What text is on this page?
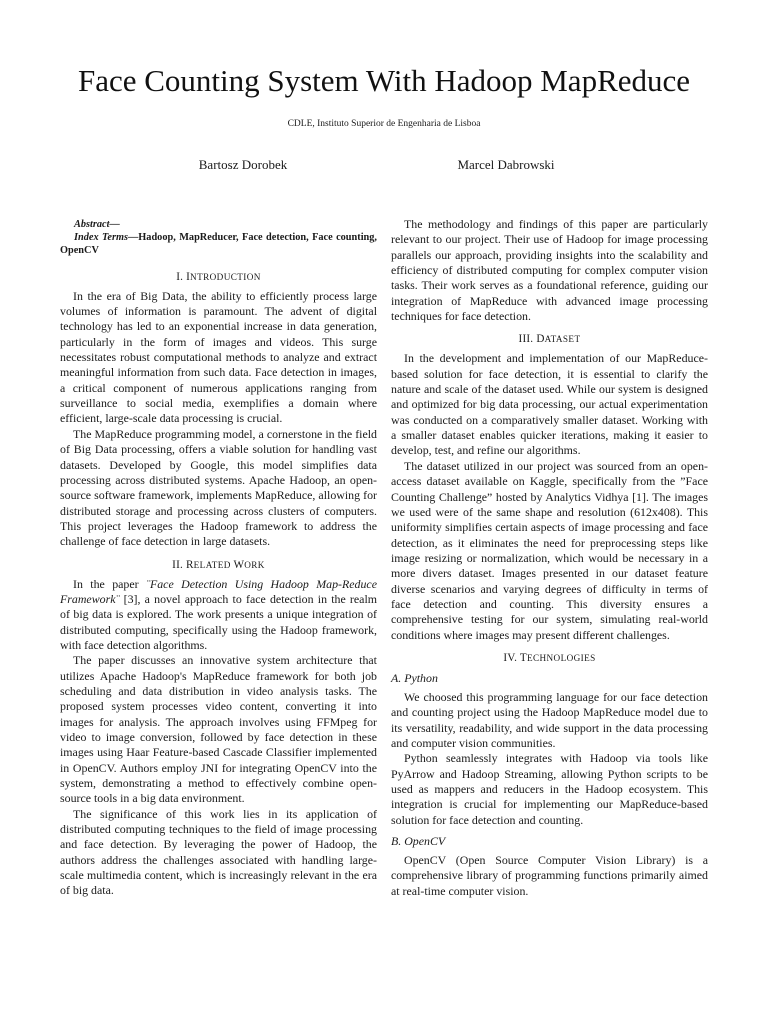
Face Counting System With Hadoop MapReduce
CDLE, Instituto Superior de Engenharia de Lisboa
Bartosz Dorobek	Marcel Dabrowski

Abstract—

Index Terms—Hadoop, MapReducer, Face detection, Face counting, OpenCV

I. INTRODUCTION

In the era of Big Data, the ability to efficiently process large volumes of information is paramount. The advent of digital technology has led to an exponential increase in data generation, particularly in the form of images and videos. This surge necessitates robust computational methods to analyze and extract meaningful information from such data. Face detection in images, a critical component of numerous applications ranging from surveillance to social media, exemplifies a domain where efficient, large-scale data processing is crucial.

The MapReduce programming model, a cornerstone in the field of Big Data processing, offers a viable solution for handling vast datasets. Developed by Google, this model simplifies data processing across distributed systems. Apache Hadoop, an open-source software framework, implements MapReduce, allowing for distributed storage and processing across clusters of computers. This project leverages the Hadoop framework to address the challenge of face detection in large datasets.

II. RELATED WORK

In the paper ¨Face Detection Using Hadoop Map-Reduce Framework¨ [3], a novel approach to face detection in the realm of big data is explored. The work presents a unique integration of distributed computing, specifically using the Hadoop framework, with face detection algorithms.

The paper discusses an innovative system architecture that utilizes Apache Hadoop's MapReduce framework for both job scheduling and data distribution in video analysis tasks. The proposed system processes video content, converting it into images for analysis. The approach involves using FFMpeg for video to image conversion, followed by face detection in these images using Haar Feature-based Cascade Classifier implemented in OpenCV. Authors employ JNI for integrating OpenCV into the system, demonstrating a method to effectively combine open-source tools in a big data environment.

The significance of this work lies in its application of distributed computing techniques to the field of image processing and face detection. By leveraging the power of Hadoop, the authors address the challenges associated with handling large-scale multimedia content, which is increasingly relevant in the era of big data.

The methodology and findings of this paper are particularly relevant to our project. Their use of Hadoop for image processing parallels our approach, providing insights into the scalability and efficiency of distributed computing for complex computer vision tasks. Their work serves as a foundational reference, guiding our integration of MapReduce with advanced image processing techniques for face detection.

III. DATASET

In the development and implementation of our MapReduce-based solution for face detection, it is essential to clarify the nature and scale of the dataset used. While our system is designed and optimized for big data processing, our actual experimentation was conducted on a comparatively smaller dataset. Working with a smaller dataset enables quicker iterations, making it easier to develop, test, and refine our algorithms.

The dataset utilized in our project was sourced from an open-access dataset available on Kaggle, specifically from the ”Face Counting Challenge” hosted by Analytics Vidhya [1]. The images we used were of the same shape and resolution (612x408). This uniformity simplifies certain aspects of image processing and face detection, as it eliminates the need for preprocessing steps like image resizing or normalization, which would be necessary in a more divers dataset. Images presented in our dataset feature diverse scenarios and varying degrees of difficulty in terms of face detection and counting. This diversity ensures a comprehensive testing for our system, simulating real-world conditions where images may present different challenges.

IV. TECHNOLOGIES
A. Python

We choosed this programming language for our face detection and counting project using the Hadoop MapReduce model due to its versatility, readability, and wide support in the data processing and computer vision communities.

Python seamlessly integrates with Hadoop via tools like PyArrow and Hadoop Streaming, allowing Python scripts to be used as mappers and reducers in the Hadoop ecosystem. This integration is crucial for implementing our MapReduce-based solution for face detection and counting.

B. OpenCV

OpenCV (Open Source Computer Vision Library) is a comprehensive library of programming functions primarily aimed at real-time computer vision.
